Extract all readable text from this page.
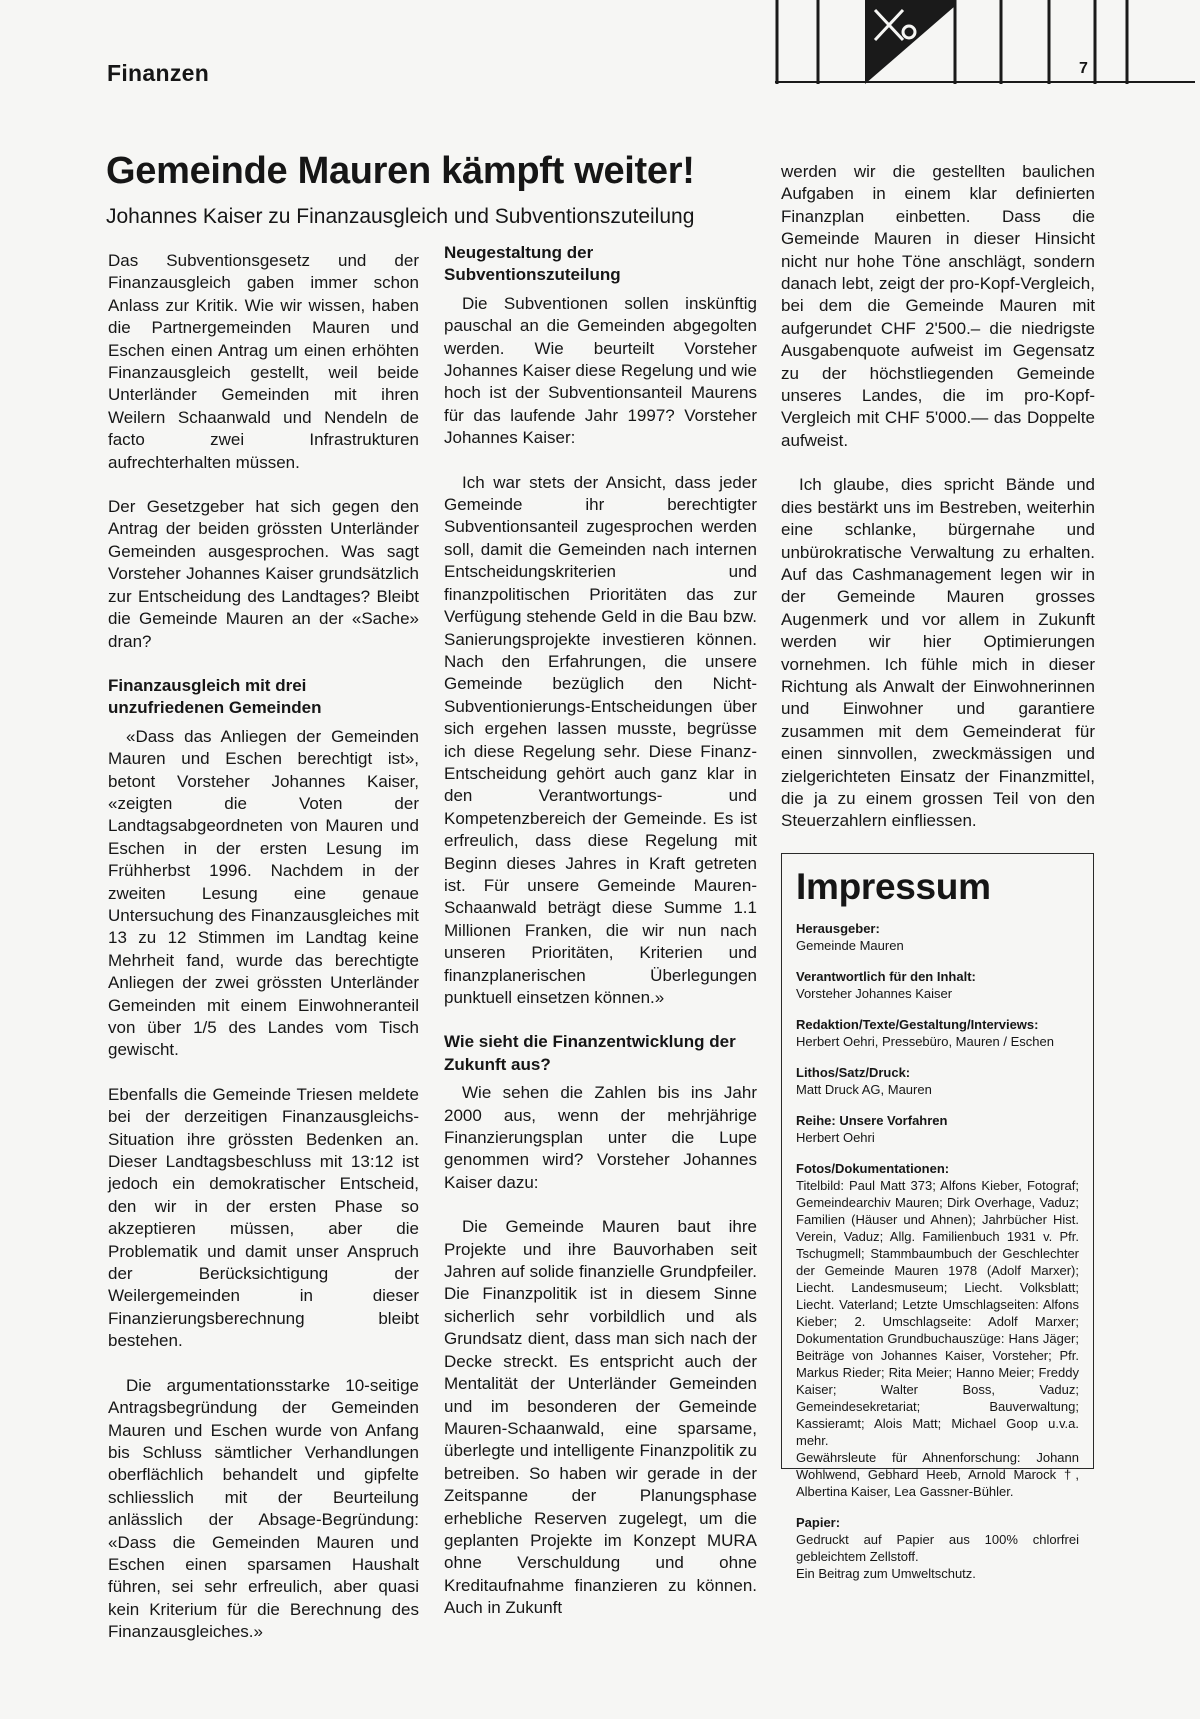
Finanzen	7
Gemeinde Mauren kämpft weiter!
Johannes Kaiser zu Finanzausgleich und Subventionszuteilung

Das Subventionsgesetz und der Finanzausgleich gaben immer schon Anlass zur Kritik. Wie wir wissen, haben die Partnergemeinden Mauren und Eschen einen Antrag um einen erhöhten Finanzausgleich gestellt, weil beide Unterländer Gemeinden mit ihren Weilern Schaanwald und Nendeln de facto zwei Infrastrukturen aufrechterhalten müssen.

Der Gesetzgeber hat sich gegen den Antrag der beiden grössten Unterländer Gemeinden ausgesprochen. Was sagt Vorsteher Johannes Kaiser grundsätzlich zur Entscheidung des Landtages? Bleibt die Gemeinde Mauren an der «Sache» dran?

Finanzausgleich mit drei unzufriedenen Gemeinden

«Dass das Anliegen der Gemeinden Mauren und Eschen berechtigt ist», betont Vorsteher Johannes Kaiser, «zeigten die Voten der Landtagsabgeordneten von Mauren und Eschen in der ersten Lesung im Frühherbst 1996. Nachdem in der zweiten Lesung eine genaue Untersuchung des Finanzausgleiches mit 13 zu 12 Stimmen im Landtag keine Mehrheit fand, wurde das berechtigte Anliegen der zwei grössten Unterländer Gemeinden mit einem Einwohneranteil von über 1/5 des Landes vom Tisch gewischt.

Ebenfalls die Gemeinde Triesen meldete bei der derzeitigen Finanzausgleichs-Situation ihre grössten Bedenken an. Dieser Landtagsbeschluss mit 13:12 ist jedoch ein demokratischer Entscheid, den wir in der ersten Phase so akzeptieren müssen, aber die Problematik und damit unser Anspruch der Berücksichtigung der Weilergemeinden in dieser Finanzierungsberechnung bleibt bestehen.

Die argumentationsstarke 10-seitige Antragsbegründung der Gemeinden Mauren und Eschen wurde von Anfang bis Schluss sämtlicher Verhandlungen oberflächlich behandelt und gipfelte schliesslich mit der Beurteilung anlässlich der Absage-Begründung: «Dass die Gemeinden Mauren und Eschen einen sparsamen Haushalt führen, sei sehr erfreulich, aber quasi kein Kriterium für die Berechnung des Finanzausgleiches.»

Neugestaltung der Subventionszuteilung

Die Subventionen sollen inskünftig pauschal an die Gemeinden abgegolten werden. Wie beurteilt Vorsteher Johannes Kaiser diese Regelung und wie hoch ist der Subventionsanteil Maurens für das laufende Jahr 1997? Vorsteher Johannes Kaiser:

Ich war stets der Ansicht, dass jeder Gemeinde ihr berechtigter Subventionsanteil zugesprochen werden soll, damit die Gemeinden nach internen Entscheidungskriterien und finanzpolitischen Prioritäten das zur Verfügung stehende Geld in die Bau bzw. Sanierungsprojekte investieren können. Nach den Erfahrungen, die unsere Gemeinde bezüglich den Nicht-Subventionierungs-Entscheidungen über sich ergehen lassen musste, begrüsse ich diese Regelung sehr. Diese Finanz-Entscheidung gehört auch ganz klar in den Verantwortungs- und Kompetenzbereich der Gemeinde. Es ist erfreulich, dass diese Regelung mit Beginn dieses Jahres in Kraft getreten ist. Für unsere Gemeinde Mauren-Schaanwald beträgt diese Summe 1.1 Millionen Franken, die wir nun nach unseren Prioritäten, Kriterien und finanzplanerischen Überlegungen punktuell einsetzen können.»

Wie sieht die Finanzentwicklung der Zukunft aus?

Wie sehen die Zahlen bis ins Jahr 2000 aus, wenn der mehrjährige Finanzierungsplan unter die Lupe genommen wird? Vorsteher Johannes Kaiser dazu:

Die Gemeinde Mauren baut ihre Projekte und ihre Bauvorhaben seit Jahren auf solide finanzielle Grundpfeiler. Die Finanzpolitik ist in diesem Sinne sicherlich sehr vorbildlich und als Grundsatz dient, dass man sich nach der Decke streckt. Es entspricht auch der Mentalität der Unterländer Gemeinden und im besonderen der Gemeinde Mauren-Schaanwald, eine sparsame, überlegte und intelligente Finanzpolitik zu betreiben. So haben wir gerade in der Zeitspanne der Planungsphase erhebliche Reserven zugelegt, um die geplanten Projekte im Konzept MURA ohne Verschuldung und ohne Kreditaufnahme finanzieren zu können. Auch in Zukunft

werden wir die gestellten baulichen Aufgaben in einem klar definierten Finanzplan einbetten. Dass die Gemeinde Mauren in dieser Hinsicht nicht nur hohe Töne anschlägt, sondern danach lebt, zeigt der pro-Kopf-Vergleich, bei dem die Gemeinde Mauren mit aufgerundet CHF 2'500.– die niedrigste Ausgabenquote aufweist im Gegensatz zu der höchstliegenden Gemeinde unseres Landes, die im pro-Kopf-Vergleich mit CHF 5'000.— das Doppelte aufweist.

Ich glaube, dies spricht Bände und dies bestärkt uns im Bestreben, weiterhin eine schlanke, bürgernahe und unbürokratische Verwaltung zu erhalten. Auf das Cashmanagement legen wir in der Gemeinde Mauren grosses Augenmerk und vor allem in Zukunft werden wir hier Optimierungen vornehmen. Ich fühle mich in dieser Richtung als Anwalt der Einwohnerinnen und Einwohner und garantiere zusammen mit dem Gemeinderat für einen sinnvollen, zweckmässigen und zielgerichteten Einsatz der Finanzmittel, die ja zu einem grossen Teil von den Steuerzahlern einfliessen.

Impressum
Herausgeber:
Gemeinde Mauren
Verantwortlich für den Inhalt:
Vorsteher Johannes Kaiser
Redaktion/Texte/Gestaltung/Interviews:
Herbert Oehri, Pressebüro, Mauren / Eschen
Lithos/Satz/Druck:
Matt Druck AG, Mauren
Reihe: Unsere Vorfahren
Herbert Oehri
Fotos/Dokumentationen:
Titelbild: Paul Matt 373; Alfons Kieber, Fotograf; Gemeindearchiv Mauren; Dirk Overhage, Vaduz; Familien (Häuser und Ahnen); Jahrbücher Hist. Verein, Vaduz; Allg. Familienbuch 1931 v. Pfr. Tschugmell; Stammbaumbuch der Geschlechter der Gemeinde Mauren 1978 (Adolf Marxer); Liecht. Landesmuseum; Liecht. Volksblatt; Liecht. Vaterland; Letzte Umschlagseiten: Alfons Kieber; 2. Umschlagseite: Adolf Marxer; Dokumentation Grundbuchauszüge: Hans Jäger; Beiträge von Johannes Kaiser, Vorsteher; Pfr. Markus Rieder; Rita Meier; Hanno Meier; Freddy Kaiser; Walter Boss, Vaduz; Gemeindesekretariat; Bauverwaltung; Kassieramt; Alois Matt; Michael Goop u.v.a. mehr.
Gewährsleute für Ahnenforschung: Johann Wohlwend, Gebhard Heeb, Arnold Marock †, Albertina Kaiser, Lea Gassner-Bühler.
Papier:
Gedruckt auf Papier aus 100% chlorfrei gebleichtem Zellstoff.
Ein Beitrag zum Umweltschutz.
